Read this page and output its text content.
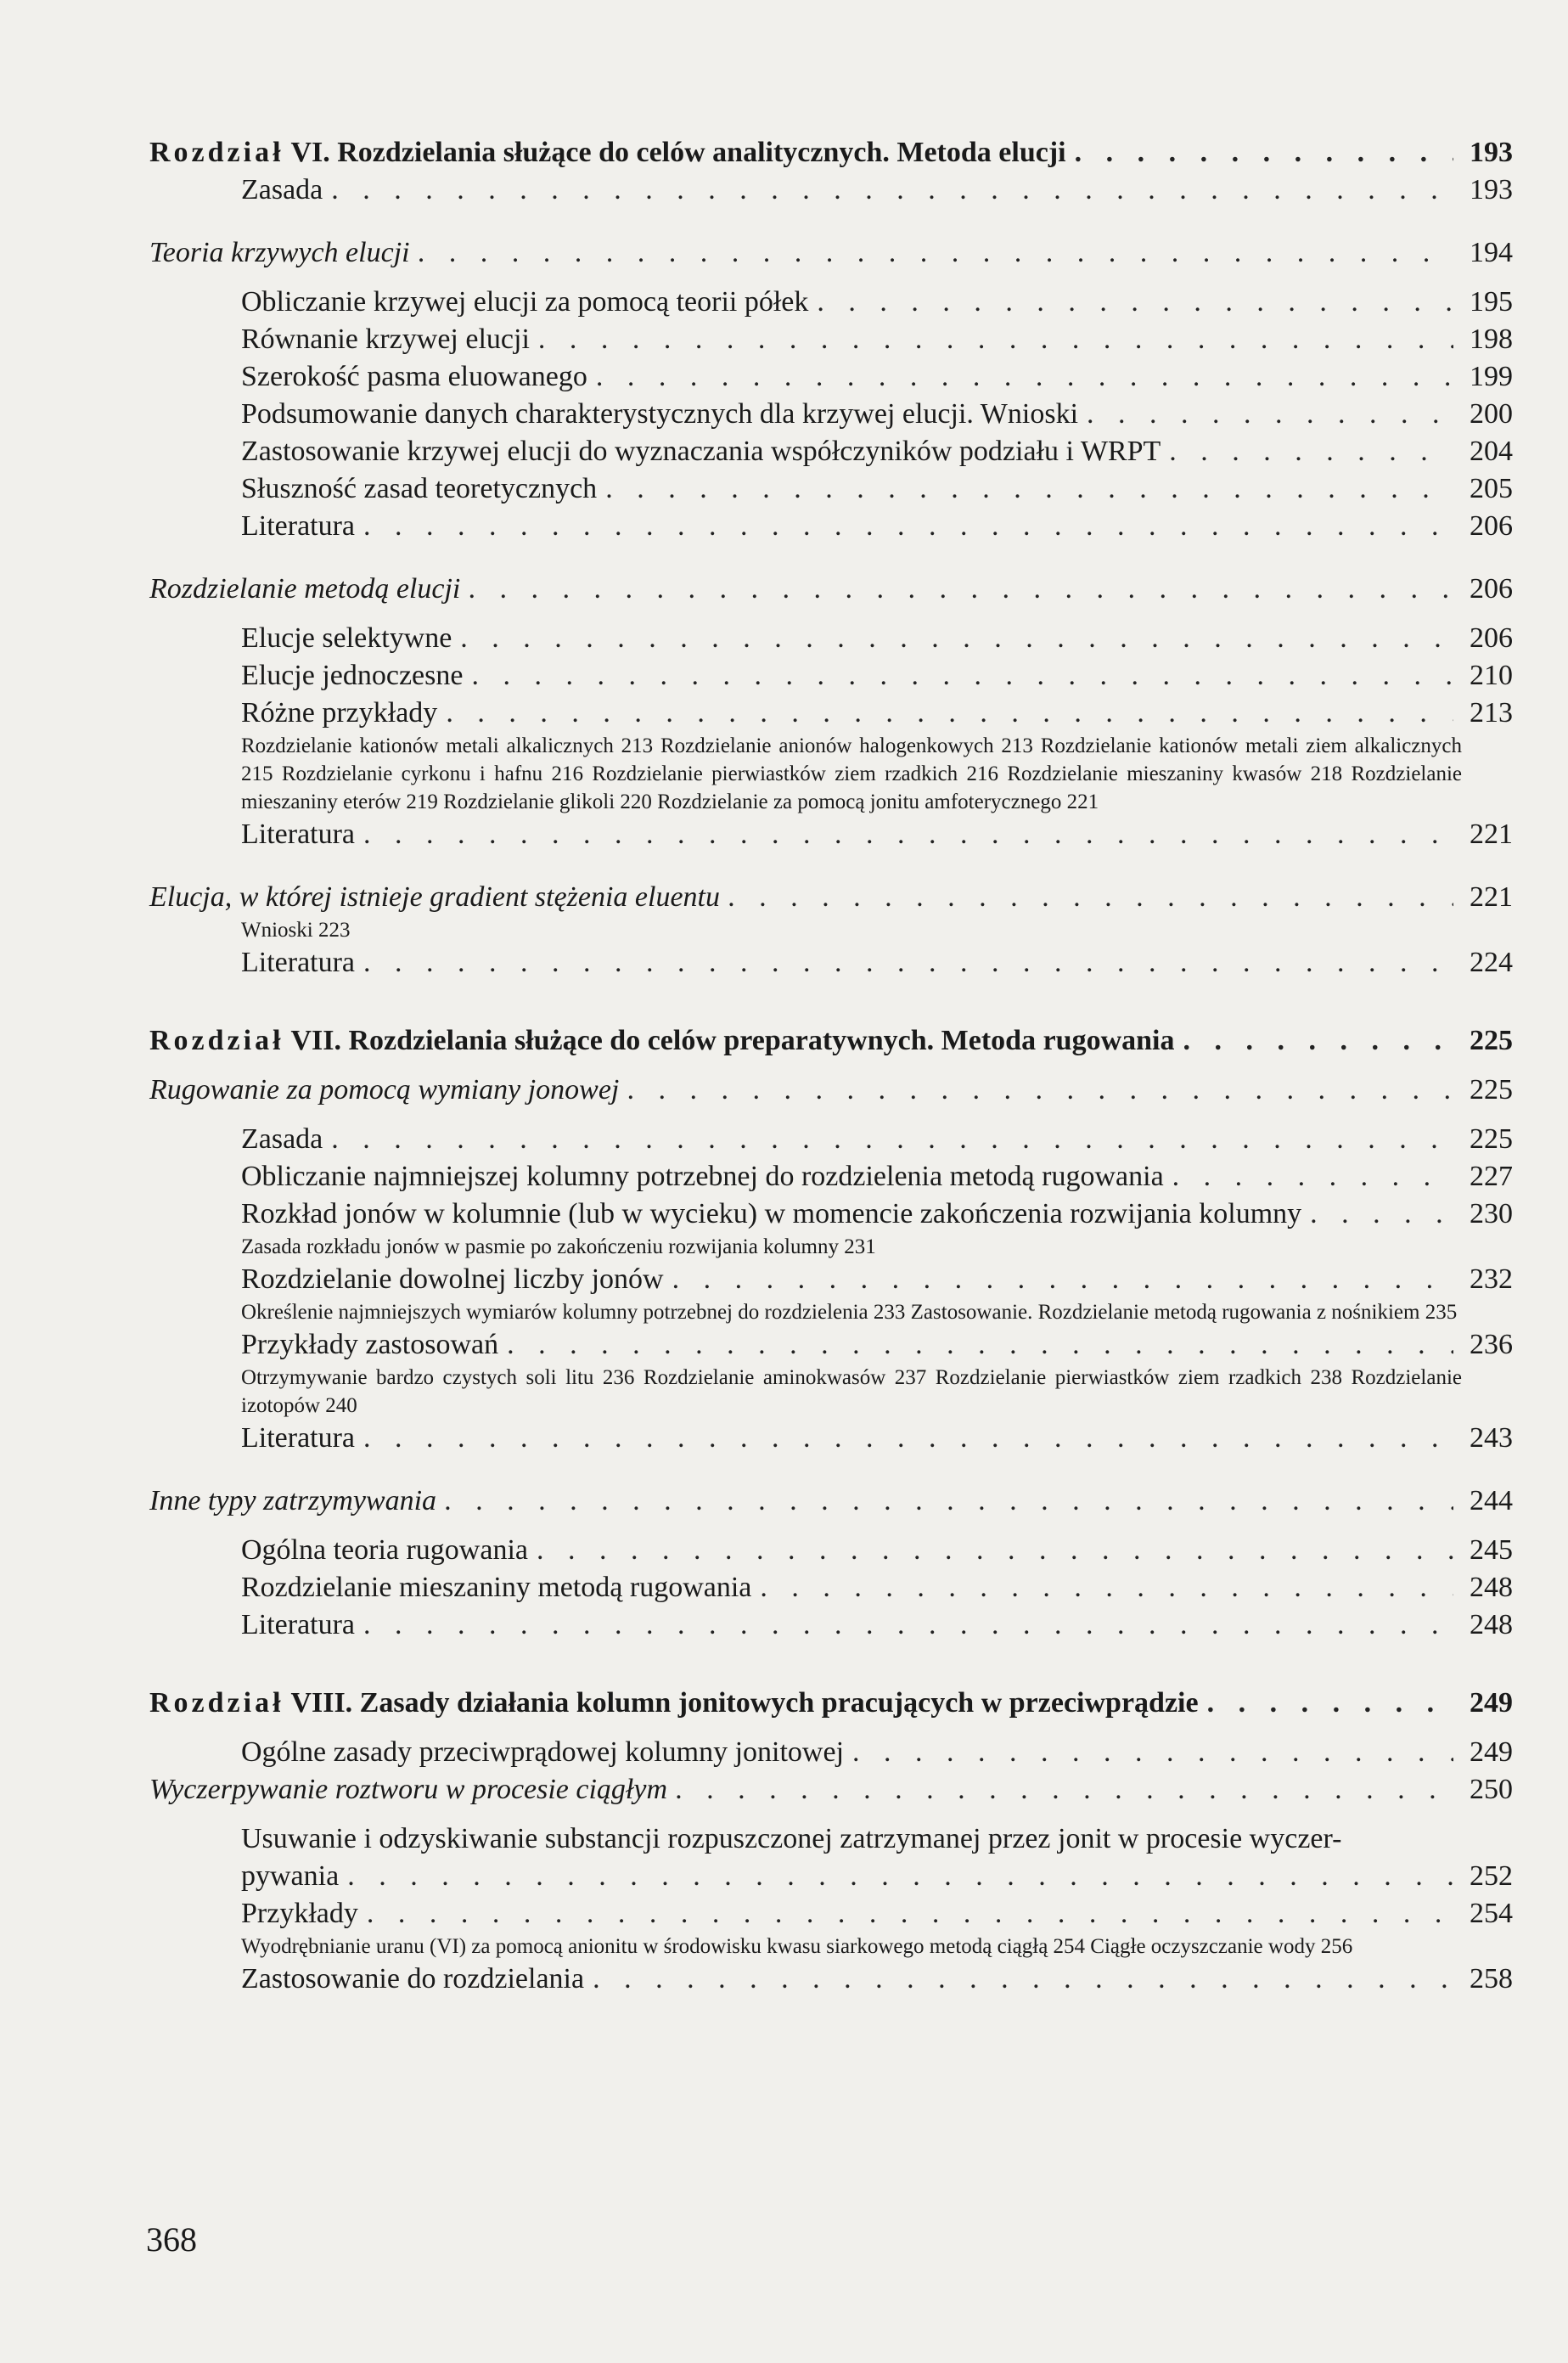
Rozdział VI. Rozdzielania służące do celów analitycznych. Metoda elucji . . .	193
Zasada . . .	193
Teoria krzywych elucji . . .	194
Obliczanie krzywej elucji za pomocą teorii półek . . .	195
Równanie krzywej elucji . . .	198
Szerokość pasma eluowanego . . .	199
Podsumowanie danych charakterystycznych dla krzywej elucji. Wnioski . . .	200
Zastosowanie krzywej elucji do wyznaczania współczyników podziału i WRPT . . .	204
Słuszność zasad teoretycznych . . .	205
Literatura . . .	206
Rozdzielanie metodą elucji . . .	206
Elucje selektywne . . .	206
Elucje jednoczesne . . .	210
Różne przykłady . . .	213
Rozdzielanie kationów metali alkalicznych 213 Rozdzielanie anionów halogenkowych 213 Rozdzielanie kationów metali ziem alkalicznych 215 Rozdzielanie cyrkonu i hafnu 216 Rozdzielanie pierwiastków ziem rzadkich 216 Rozdzielanie mieszaniny kwasów 218 Rozdzielanie mieszaniny eterów 219 Rozdzielanie glikoli 220 Rozdzielanie za pomocą jonitu amfoterycznego 221
Literatura . . .	221
Elucja, w której istnieje gradient stężenia eluentu . . .	221
Wnioski 223
Literatura . . .	224
Rozdział VII. Rozdzielania służące do celów preparatywnych. Metoda rugowania . . .	225
Rugowanie za pomocą wymiany jonowej . . .	225
Zasada . . .	225
Obliczanie najmniejszej kolumny potrzebnej do rozdzielenia metodą rugowania . . .	227
Rozkład jonów w kolumnie (lub w wycieku) w momencie zakończenia rozwijania kolumny . . .	230
Zasada rozkładu jonów w pasmie po zakończeniu rozwijania kolumny 231
Rozdzielanie dowolnej liczby jonów . . .	232
Określenie najmniejszych wymiarów kolumny potrzebnej do rozdzielenia 233 Zastosowanie. Rozdzielanie metodą rugowania z nośnikiem 235
Przykłady zastosowań . . .	236
Otrzymywanie bardzo czystych soli litu 236 Rozdzielanie aminokwasów 237 Rozdzielanie pierwiastków ziem rzadkich 238 Rozdzielanie izotopów 240
Literatura . . .	243
Inne typy zatrzymywania . . .	244
Ogólna teoria rugowania . . .	245
Rozdzielanie mieszaniny metodą rugowania . . .	248
Literatura . . .	248
Rozdział VIII. Zasady działania kolumn jonitowych pracujących w przeciwprądzie . . .	249
Ogólne zasady przeciwprądowej kolumny jonitowej . . .	249
Wyczerpywanie roztworu w procesie ciągłym . . .	250
Usuwanie i odzyskiwanie substancji rozpuszczonej zatrzymanej przez jonit w procesie wyczer-
pywania . . .	252
Przykłady . . .	254
Wyodrębnianie uranu (VI) za pomocą anionitu w środowisku kwasu siarkowego metodą ciągłą 254 Ciągłe oczyszczanie wody 256
Zastosowanie do rozdzielania . . .	258
368
